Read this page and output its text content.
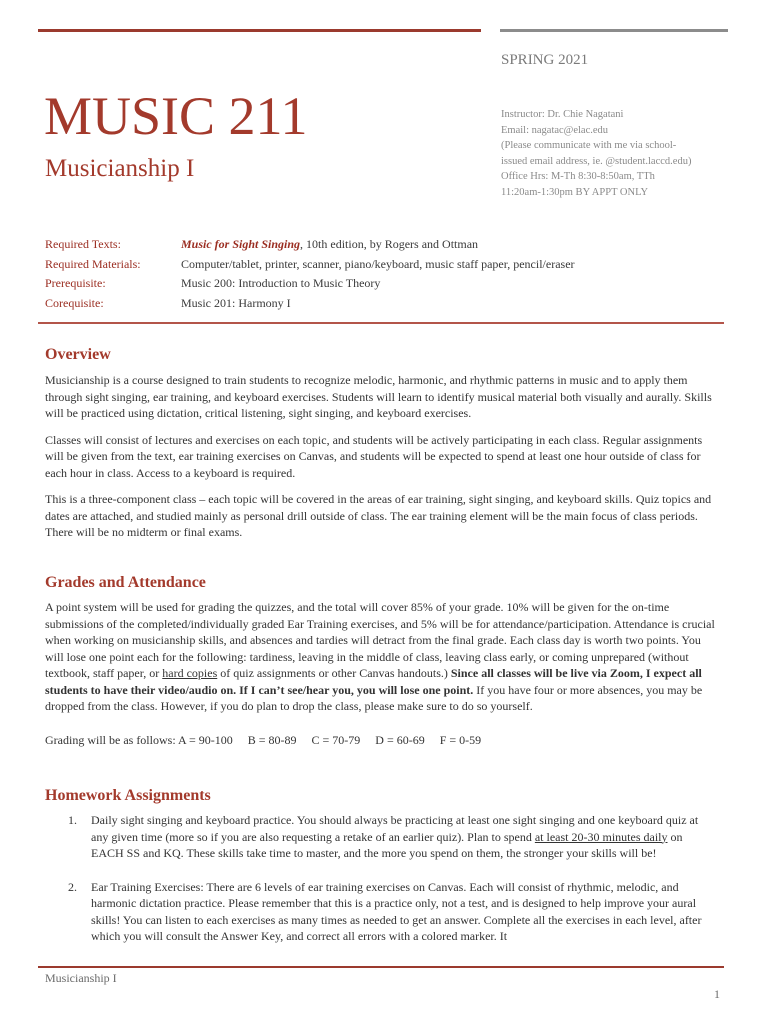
MUSIC 211
Musicianship I
SPRING 2021
Instructor: Dr. Chie Nagatani
Email: nagatac@elac.edu
(Please communicate with me via school-
issued email address, ie. @student.laccd.edu)
Office Hrs: M-Th 8:30-8:50am, TTh
11:20am-1:30pm BY APPT ONLY
Required Texts:	Music for Sight Singing, 10th edition, by Rogers and Ottman
Required Materials:	Computer/tablet, printer, scanner, piano/keyboard, music staff paper, pencil/eraser
Prerequisite:	Music 200: Introduction to Music Theory
Corequisite:	Music 201: Harmony I
Overview

Musicianship is a course designed to train students to recognize melodic, harmonic, and rhythmic patterns in music and to apply them through sight singing, ear training, and keyboard exercises. Students will learn to identify musical material both visually and aurally. Skills will be practiced using dictation, critical listening, sight singing, and keyboard exercises.

Classes will consist of lectures and exercises on each topic, and students will be actively participating in each class. Regular assignments will be given from the text, ear training exercises on Canvas, and students will be expected to spend at least one hour outside of class for each hour in class. Access to a keyboard is required.

This is a three-component class – each topic will be covered in the areas of ear training, sight singing, and keyboard skills. Quiz topics and dates are attached, and studied mainly as personal drill outside of class. The ear training element will be the main focus of class periods. There will be no midterm or final exams.

Grades and Attendance

A point system will be used for grading the quizzes, and the total will cover 85% of your grade. 10% will be given for the on-time submissions of the completed/individually graded Ear Training exercises, and 5% will be for attendance/participation. Attendance is crucial when working on musicianship skills, and absences and tardies will detract from the final grade. Each class day is worth two points. You will lose one point each for the following: tardiness, leaving in the middle of class, leaving class early, or coming unprepared (without textbook, staff paper, or hard copies of quiz assignments or other Canvas handouts.) Since all classes will be live via Zoom, I expect all students to have their video/audio on. If I can’t see/hear you, you will lose one point. If you have four or more absences, you may be dropped from the class. However, if you do plan to drop the class, please make sure to do so yourself.

Grading will be as follows: A = 90-100     B = 80-89     C = 70-79     D = 60-69     F = 0-59

Homework Assignments
1.	Daily sight singing and keyboard practice. You should always be practicing at least one sight singing and one keyboard quiz at any given time (more so if you are also requesting a retake of an earlier quiz). Plan to spend at least 20-30 minutes daily on EACH SS and KQ. These skills take time to master, and the more you spend on them, the stronger your skills will be!
2.	Ear Training Exercises: There are 6 levels of ear training exercises on Canvas. Each will consist of rhythmic, melodic, and harmonic dictation practice. Please remember that this is a practice only, not a test, and is designed to help improve your aural skills! You can listen to each exercises as many times as needed to get an answer. Complete all the exercises in each level, after which you will consult the Answer Key, and correct all errors with a colored marker. It
Musicianship I
1
